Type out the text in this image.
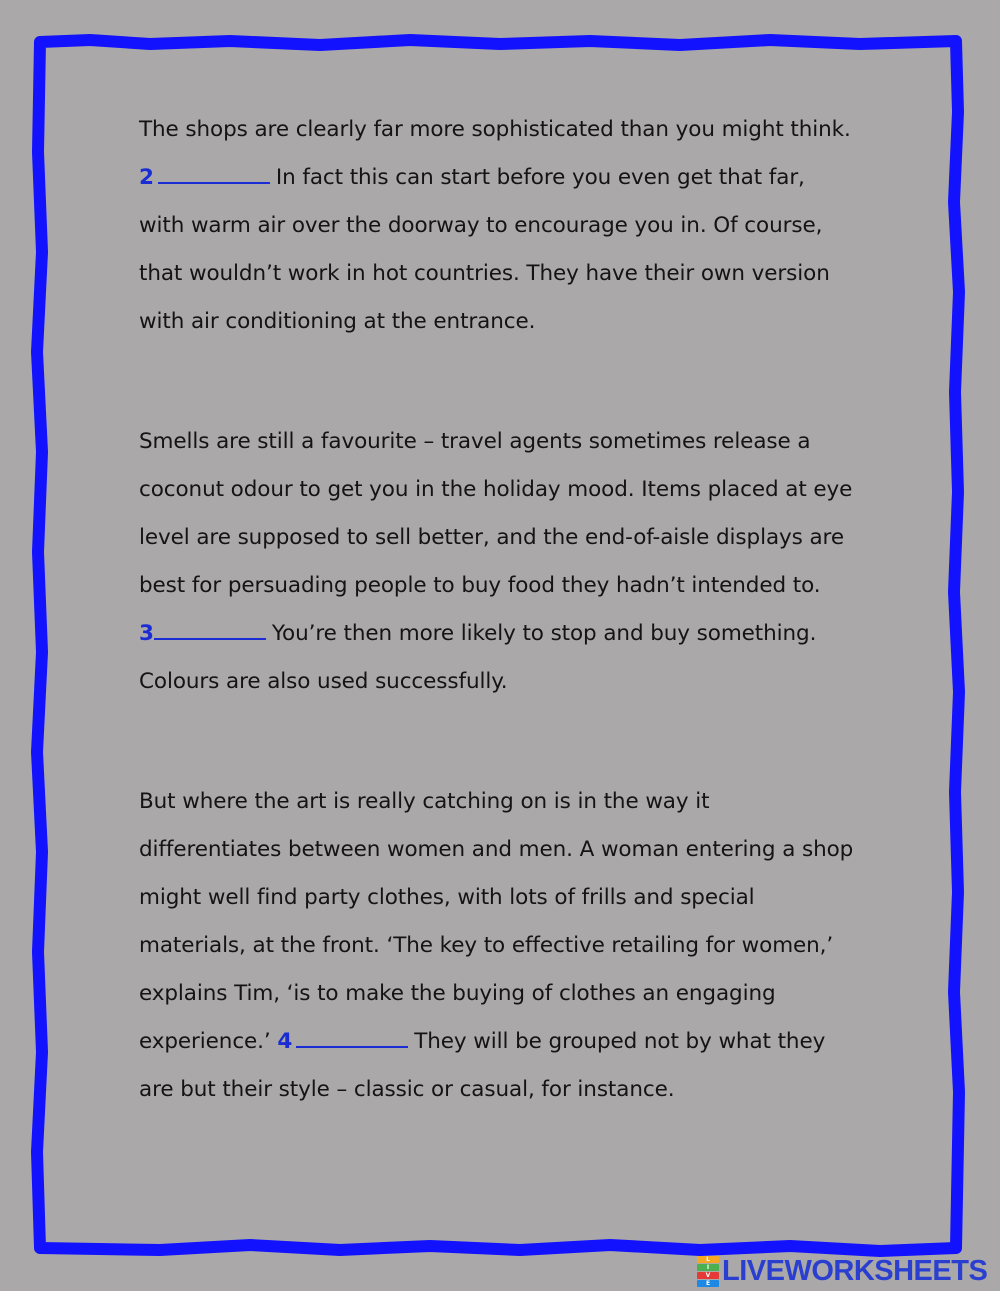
The shops are clearly far more sophisticated than you might think.
2	In fact this can start before you even get that far,
with warm air over the doorway to encourage you in. Of course,
that wouldn’t work in hot countries. They have their own version
with air conditioning at the entrance.
Smells are still a favourite – travel agents sometimes release a
coconut odour to get you in the holiday mood. Items placed at eye
level are supposed to sell better, and the end-of-aisle displays are
best for persuading people to buy food they hadn’t intended to.
3	You’re then more likely to stop and buy something.
Colours are also used successfully.
But where the art is really catching on is in the way it
differentiates between women and men. A woman entering a shop
might well find party clothes, with lots of frills and special
materials, at the front. ‘The key to effective retailing for women,’
explains Tim, ‘is to make the buying of clothes an engaging
experience.’ 4	They will be grouped not by what they
are but their style – classic or casual, for instance.
L
I
V
E LIVEWORKSHEETS
